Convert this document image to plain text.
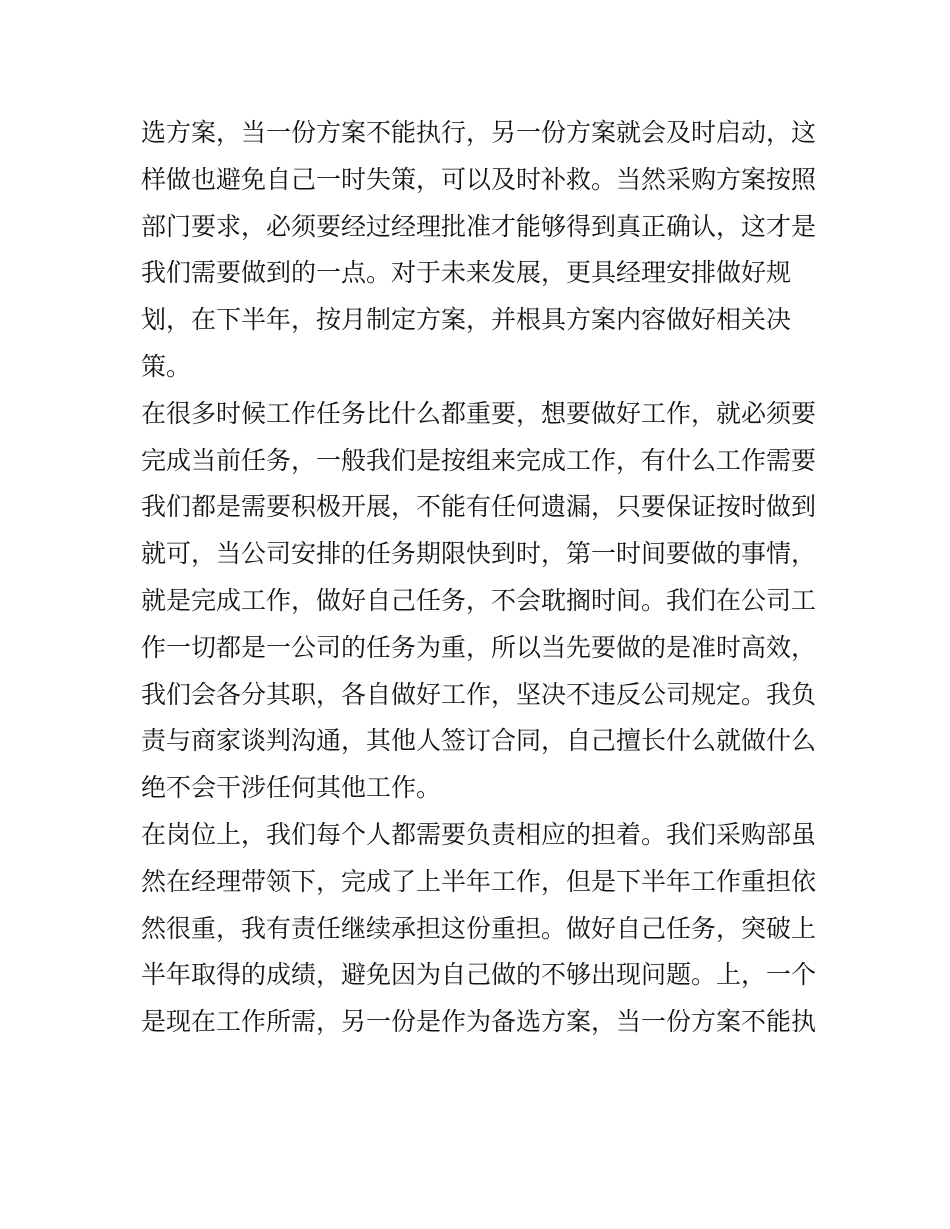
选方案，当一份方案不能执行，另一份方案就会及时启动，这
样做也避免自己一时失策，可以及时补救。当然采购方案按照
部门要求，必须要经过经理批准才能够得到真正确认，这才是
我们需要做到的一点。对于未来发展，更具经理安排做好规
划，在下半年，按月制定方案，并根具方案内容做好相关决
策。
在很多时候工作任务比什么都重要，想要做好工作，就必须要
完成当前任务，一般我们是按组来完成工作，有什么工作需要
我们都是需要积极开展，不能有任何遗漏，只要保证按时做到
就可，当公司安排的任务期限快到时，第一时间要做的事情，
就是完成工作，做好自己任务，不会耽搁时间。我们在公司工
作一切都是一公司的任务为重，所以当先要做的是准时高效，
我们会各分其职，各自做好工作，坚决不违反公司规定。我负
责与商家谈判沟通，其他人签订合同，自己擅长什么就做什么
绝不会干涉任何其他工作。
在岗位上，我们每个人都需要负责相应的担着。我们采购部虽
然在经理带领下，完成了上半年工作，但是下半年工作重担依
然很重，我有责任继续承担这份重担。做好自己任务，突破上
半年取得的成绩，避免因为自己做的不够出现问题。上，一个
是现在工作所需，另一份是作为备选方案，当一份方案不能执
